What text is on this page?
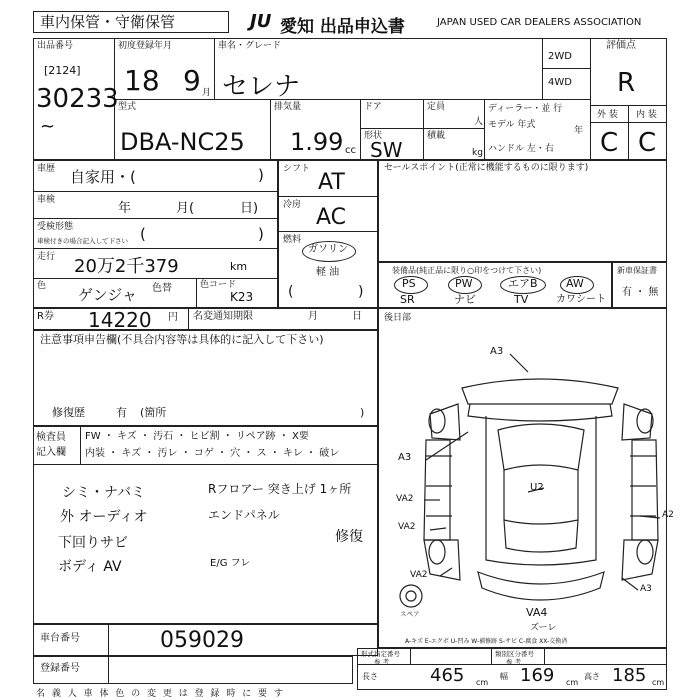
車内保管・守衛保管	JU 愛知 出品申込書	JAPAN USED CAR DEALERS ASSOCIATION
出品番号
[2124]
30233
~
初度登録年月
18 9 月
車名・グレード
セレナ
2WD
4WD
評価点
R
外 装 内 装
C C
型式
DBA-NC25
排気量
1.99 cc
ドア
形状
SW
定員
人
積載
kg
ディーラー・並 行
モデル 年式
年
ハンドル 左・右
車歴 自家用・(	)
車検
年	月(	日)
受検形態
車検付きの場合記入して下さい (	)
走行 20万2千379	km
色 ゲンジャ 色替	色コード
K23
シフト
AT
冷房 AC
燃料
ガソリン
軽 油
(	)
セールスポイント(正常に機能するものに限ります)
装備品(純正品に限り○印をつけて下さい)
PS	PW	エアB	AW
SR	ナビ	TV	カワシート
新車保証書
有 ・ 無
R券 14220 円 名変通知期限	月	日
注意事項申告欄(不具合内容等は具体的に記入して下さい)
修復歴	有 (箇所	)
検査員
記入欄
FW ・ キズ ・ 汚石 ・ ヒビ割 ・ リペア跡 ・ X要
内装 ・ キズ ・ 汚レ ・ コゲ ・ 穴 ・ ス ・ キレ ・ 破レ
シミ・ナバミ
外 オーディオ
下回りサビ
ボディ AV
Rフロアー 突き上げ 1ヶ所
エンドパネル
修復
E/G フレ
後日部
A3
A3
U2
VA2
VA2
A2
VA2
A3
VA4
ズーレ
スペア
A-キズ E-エクボ U-凹み W-補修跡 S-サビ C-腐食 XX-交換済
車台番号	059029
登録番号
形式指定番号
参 考
類別区分番号
参 考
長さ	465 cm
幅 169 cm
高さ 185 cm
名 義 人 車 体 色 の 変 更 は 登 録 時 に 要 す
